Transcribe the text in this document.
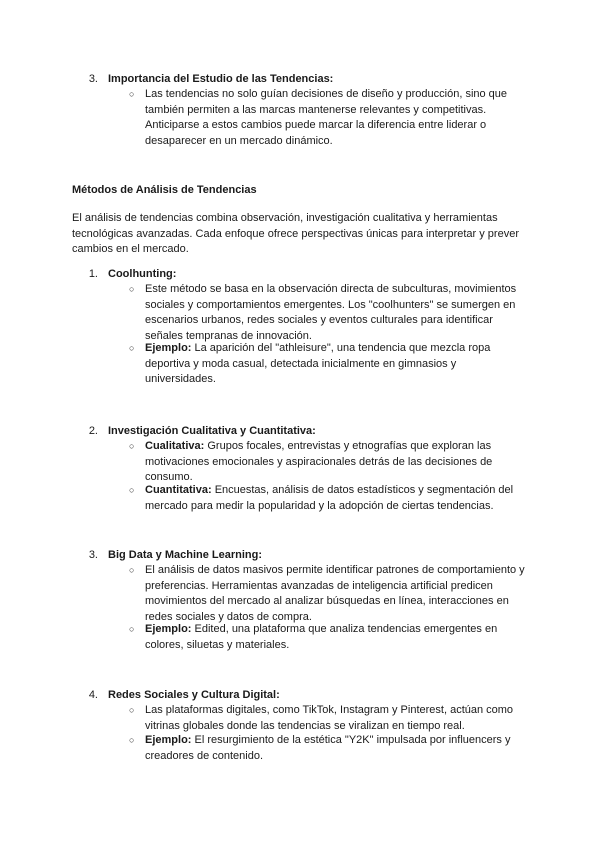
3. Importancia del Estudio de las Tendencias:
○ Las tendencias no solo guían decisiones de diseño y producción, sino que también permiten a las marcas mantenerse relevantes y competitivas. Anticiparse a estos cambios puede marcar la diferencia entre liderar o desaparecer en un mercado dinámico.
Métodos de Análisis de Tendencias
El análisis de tendencias combina observación, investigación cualitativa y herramientas tecnológicas avanzadas. Cada enfoque ofrece perspectivas únicas para interpretar y prever cambios en el mercado.
1. Coolhunting:
○ Este método se basa en la observación directa de subculturas, movimientos sociales y comportamientos emergentes. Los "coolhunters" se sumergen en escenarios urbanos, redes sociales y eventos culturales para identificar señales tempranas de innovación.
○ Ejemplo: La aparición del "athleisure", una tendencia que mezcla ropa deportiva y moda casual, detectada inicialmente en gimnasios y universidades.
2. Investigación Cualitativa y Cuantitativa:
○ Cualitativa: Grupos focales, entrevistas y etnografías que exploran las motivaciones emocionales y aspiracionales detrás de las decisiones de consumo.
○ Cuantitativa: Encuestas, análisis de datos estadísticos y segmentación del mercado para medir la popularidad y la adopción de ciertas tendencias.
3. Big Data y Machine Learning:
○ El análisis de datos masivos permite identificar patrones de comportamiento y preferencias. Herramientas avanzadas de inteligencia artificial predicen movimientos del mercado al analizar búsquedas en línea, interacciones en redes sociales y datos de compra.
○ Ejemplo: Edited, una plataforma que analiza tendencias emergentes en colores, siluetas y materiales.
4. Redes Sociales y Cultura Digital:
○ Las plataformas digitales, como TikTok, Instagram y Pinterest, actúan como vitrinas globales donde las tendencias se viralizan en tiempo real.
○ Ejemplo: El resurgimiento de la estética "Y2K" impulsada por influencers y creadores de contenido.
